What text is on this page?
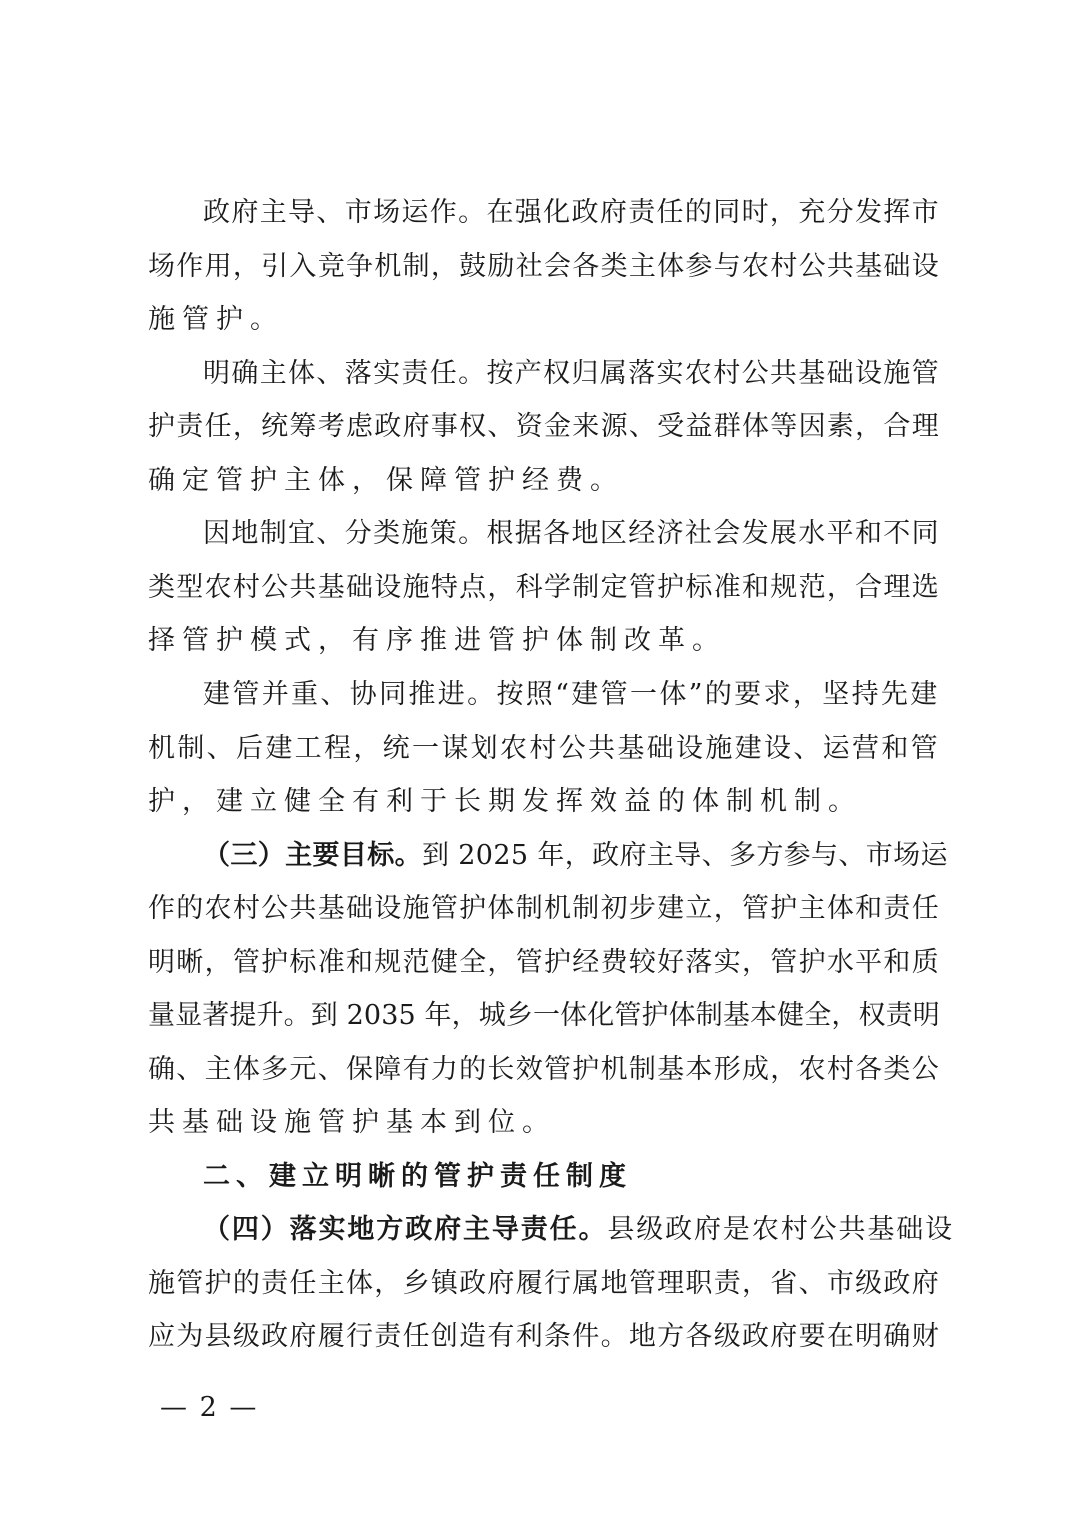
政府主导、市场运作。在强化政府责任的同时，充分发挥市
场作用，引入竞争机制，鼓励社会各类主体参与农村公共基础设
施管护。
明确主体、落实责任。按产权归属落实农村公共基础设施管
护责任，统筹考虑政府事权、资金来源、受益群体等因素，合理
确定管护主体，保障管护经费。
因地制宜、分类施策。根据各地区经济社会发展水平和不同
类型农村公共基础设施特点，科学制定管护标准和规范，合理选
择管护模式，有序推进管护体制改革。
建管并重、协同推进。按照“建管一体”的要求，坚持先建
机制、后建工程，统一谋划农村公共基础设施建设、运营和管
护，建立健全有利于长期发挥效益的体制机制。
（三）主要目标。到 2025 年，政府主导、多方参与、市场运
作的农村公共基础设施管护体制机制初步建立，管护主体和责任
明晰，管护标准和规范健全，管护经费较好落实，管护水平和质
量显著提升。到 2035 年，城乡一体化管护体制基本健全，权责明
确、主体多元、保障有力的长效管护机制基本形成，农村各类公
共基础设施管护基本到位。
二、建立明晰的管护责任制度
（四）落实地方政府主导责任。县级政府是农村公共基础设
施管护的责任主体，乡镇政府履行属地管理职责，省、市级政府
应为县级政府履行责任创造有利条件。地方各级政府要在明确财
— 2 —
